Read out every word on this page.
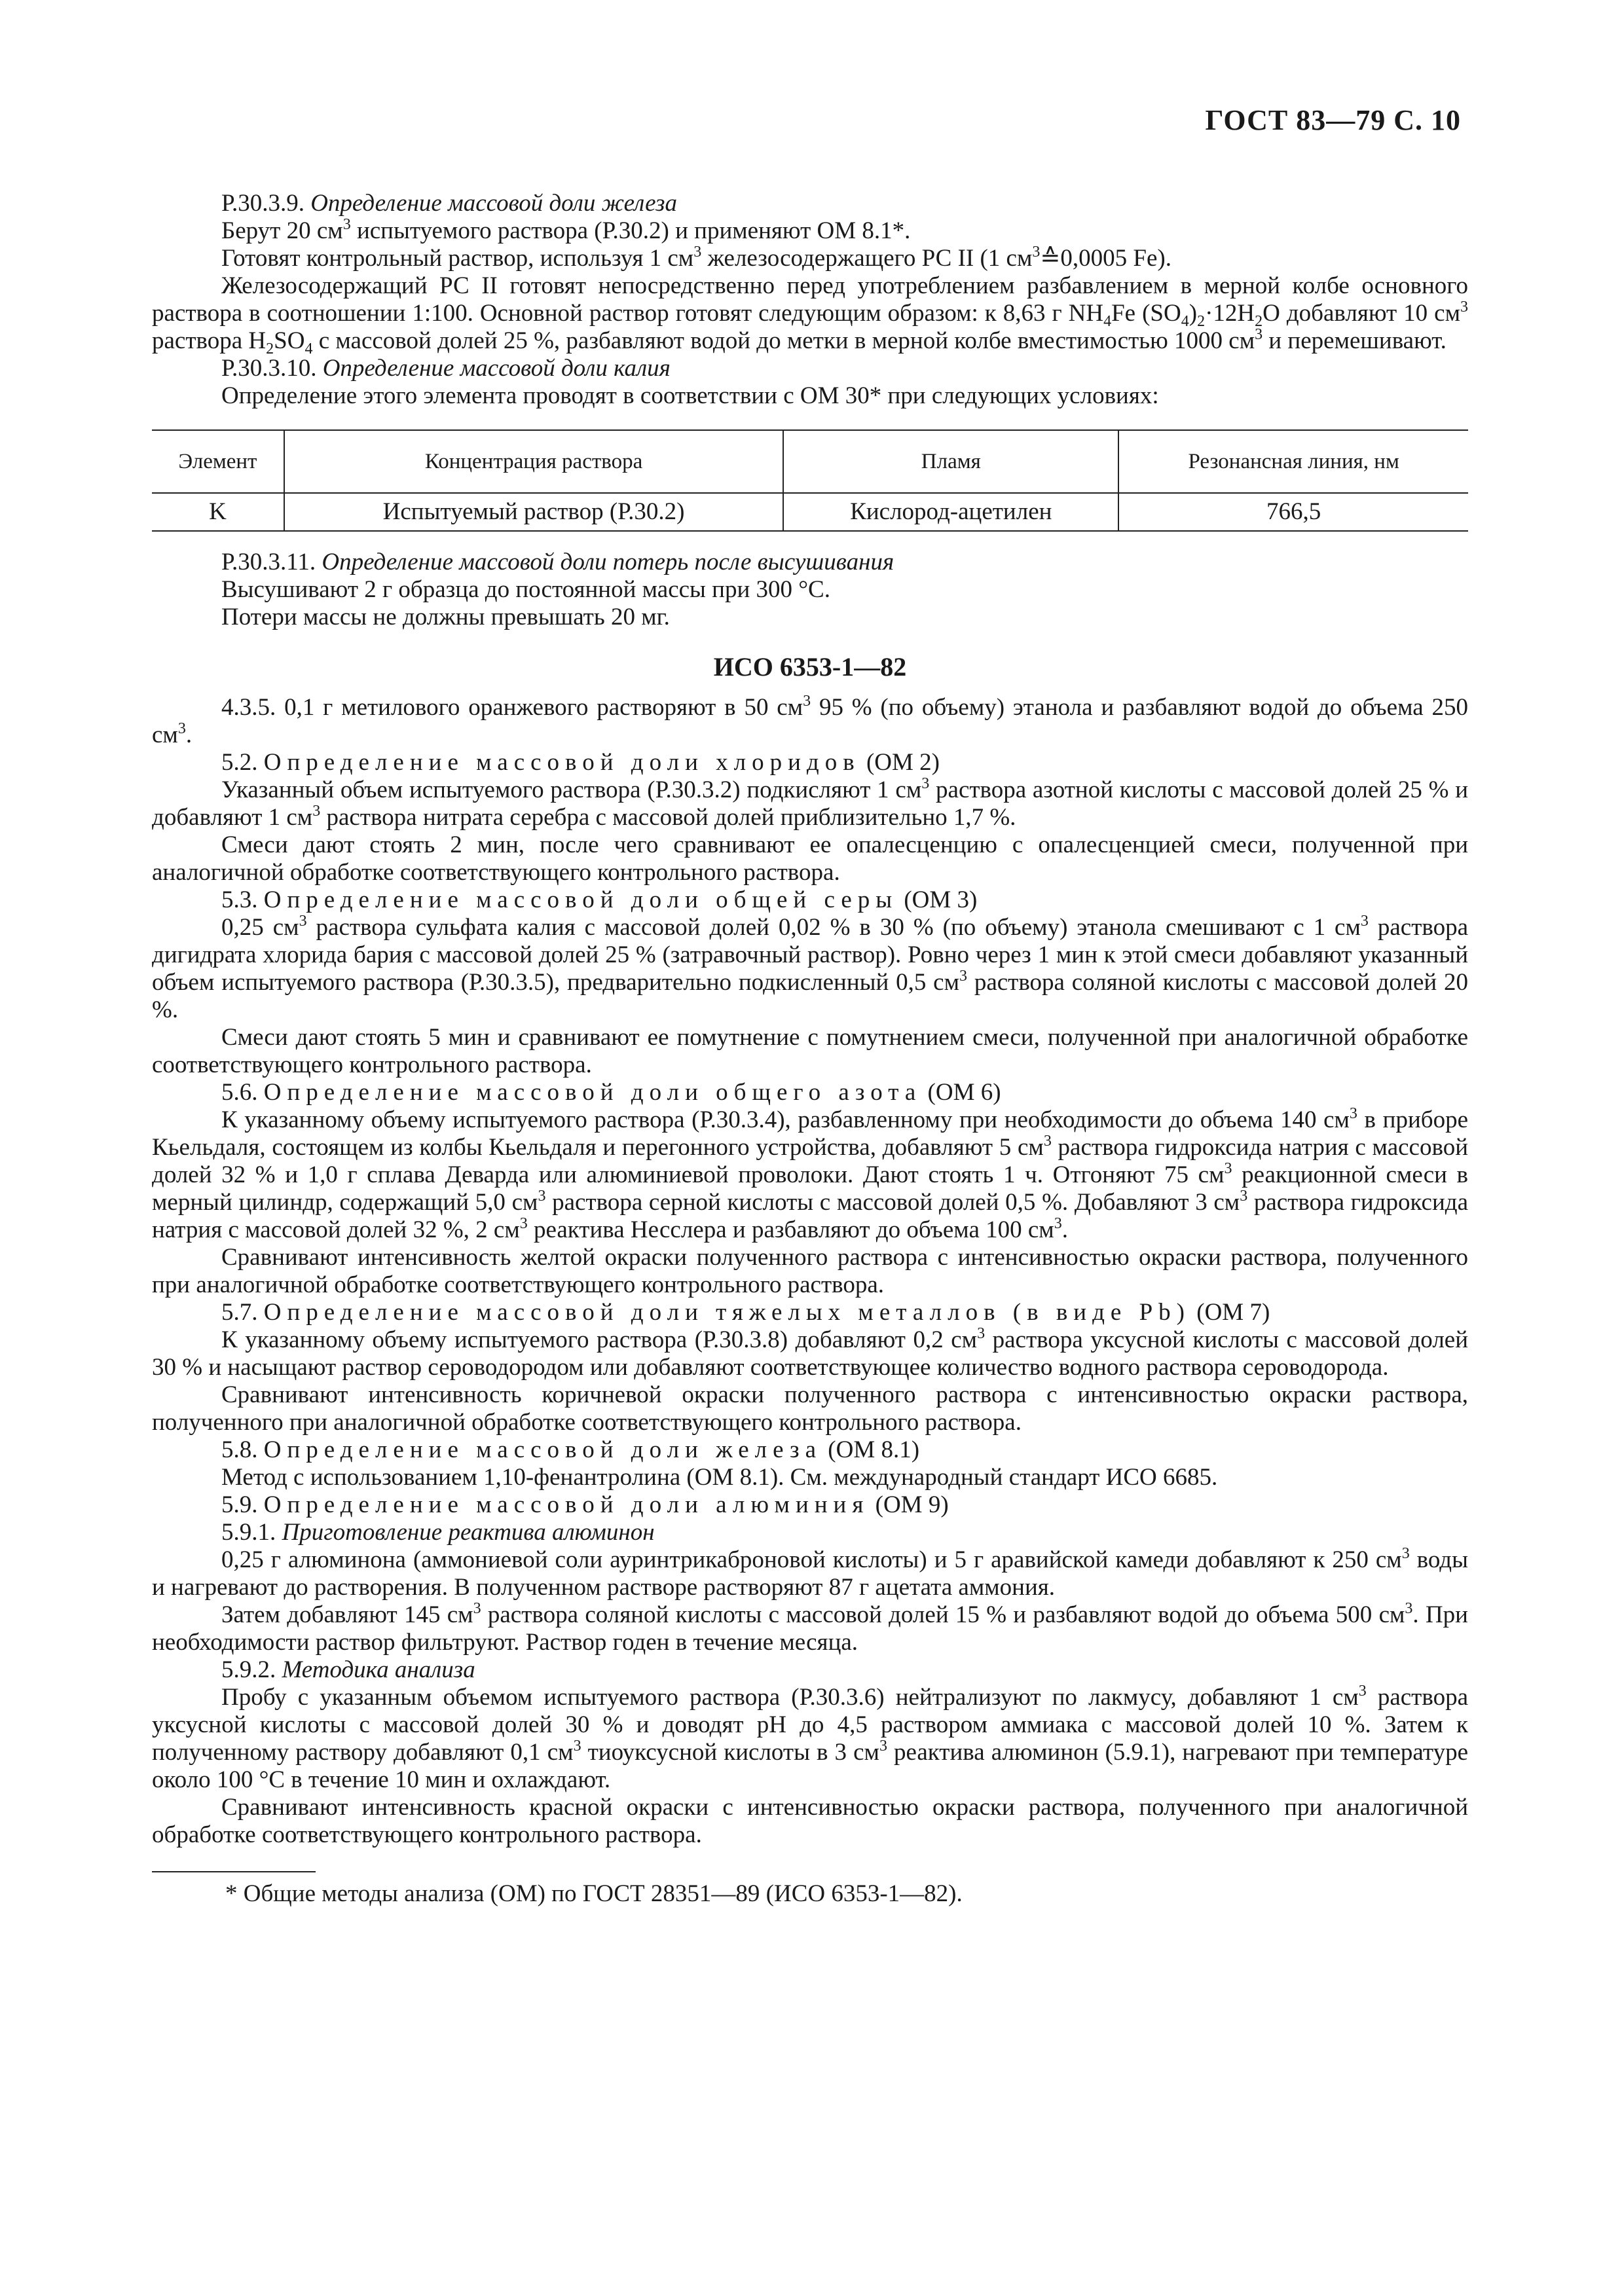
ГОСТ 83—79 С. 10

Р.30.3.9. Определение массовой доли железа

Берут 20 $см^3$ испытуемого раствора (Р.30.2) и применяют ОМ 8.1*.

Готовят контрольный раствор, используя 1 $см^3$ железосодержащего РС II (1 $см^3≙0,0005$ Fe).

Железосодержащий РС II готовят непосредственно перед употреблением разбавлением в мерной колбе основного раствора в соотношении 1:100. Основной раствор готовят следующим образом: к 8,63 г $NH_4Fe$ $(SO_4)_2\cdot 12H_2O$ добавляют 10 $см^3$ раствора $H_2SO_4$ с массовой долей 25 %, разбавляют водой до метки в мерной колбе вместимостью 1000 $см^3$ и перемешивают.

Р.30.3.10. Определение массовой доли калия

Определение этого элемента проводят в соответствии с ОМ 30* при следующих условиях:

Элемент	Концентрация раствора	Пламя	Резонансная линия, нм
K	Испытуемый раствор (Р.30.2)	Кислород-ацетилен	766,5

Р.30.3.11. Определение массовой доли потерь после высушивания

Высушивают 2 г образца до постоянной массы при 300 °С.

Потери массы не должны превышать 20 мг.

ИСО 6353-1—82

4.3.5. 0,1 г метилового оранжевого растворяют в 50 $см^3$ 95 % (по объему) этанола и разбавляют водой до объема 250 $см^3$.

5.2. Определение массовой доли хлоридов (ОМ 2)

Указанный объем испытуемого раствора (Р.30.3.2) подкисляют 1 $см^3$ раствора азотной кислоты с массовой долей 25 % и добавляют 1 $см^3$ раствора нитрата серебра с массовой долей приблизительно 1,7 %.

Смеси дают стоять 2 мин, после чего сравнивают ее опалесценцию с опалесценцией смеси, полученной при аналогичной обработке соответствующего контрольного раствора.

5.3. Определение массовой доли общей серы (ОМ 3)

0,25 $см^3$ раствора сульфата калия с массовой долей 0,02 % в 30 % (по объему) этанола смешивают с 1 $см^3$ раствора дигидрата хлорида бария с массовой долей 25 % (затравочный раствор). Ровно через 1 мин к этой смеси добавляют указанный объем испытуемого раствора (Р.30.3.5), предварительно подкисленный 0,5 $см^3$ раствора соляной кислоты с массовой долей 20 %.

Смеси дают стоять 5 мин и сравнивают ее помутнение с помутнением смеси, полученной при аналогичной обработке соответствующего контрольного раствора.

5.6. Определение массовой доли общего азота (ОМ 6)

К указанному объему испытуемого раствора (Р.30.3.4), разбавленному при необходимости до объема 140 $см^3$ в приборе Кьельдаля, состоящем из колбы Кьельдаля и перегонного устройства, добавляют 5 $см^3$ раствора гидроксида натрия с массовой долей 32 % и 1,0 г сплава Деварда или алюминиевой проволоки. Дают стоять 1 ч. Отгоняют 75 $см^3$ реакционной смеси в мерный цилиндр, содержащий 5,0 $см^3$ раствора серной кислоты с массовой долей 0,5 %. Добавляют 3 $см^3$ раствора гидроксида натрия с массовой долей 32 %, 2 $см^3$ реактива Несслера и разбавляют до объема 100 $см^3$.

Сравнивают интенсивность желтой окраски полученного раствора с интенсивностью окраски раствора, полученного при аналогичной обработке соответствующего контрольного раствора.

5.7. Определение массовой доли тяжелых металлов (в виде Pb) (ОМ 7)

К указанному объему испытуемого раствора (Р.30.3.8) добавляют 0,2 $см^3$ раствора уксусной кислоты с массовой долей 30 % и насыщают раствор сероводородом или добавляют соответствующее количество водного раствора сероводорода.

Сравнивают интенсивность коричневой окраски полученного раствора с интенсивностью окраски раствора, полученного при аналогичной обработке соответствующего контрольного раствора.

5.8. Определение массовой доли железа (ОМ 8.1)

Метод с использованием 1,10-фенантролина (ОМ 8.1). См. международный стандарт ИСО 6685.

5.9. Определение массовой доли алюминия (ОМ 9)

5.9.1. Приготовление реактива алюминон

0,25 г алюминона (аммониевой соли ауринтрикаброновой кислоты) и 5 г аравийской камеди добавляют к 250 $см^3$ воды и нагревают до растворения. В полученном растворе растворяют 87 г ацетата аммония.

Затем добавляют 145 $см^3$ раствора соляной кислоты с массовой долей 15 % и разбавляют водой до объема 500 $см^3$. При необходимости раствор фильтруют. Раствор годен в течение месяца.

5.9.2. Методика анализа

Пробу с указанным объемом испытуемого раствора (Р.30.3.6) нейтрализуют по лакмусу, добавляют 1 $см^3$ раствора уксусной кислоты с массовой долей 30 % и доводят pH до 4,5 раствором аммиака с массовой долей 10 %. Затем к полученному раствору добавляют 0,1 $см^3$ тиоуксусной кислоты в 3 $см^3$ реактива алюминон (5.9.1), нагревают при температуре около 100 °С в течение 10 мин и охлаждают.

Сравнивают интенсивность красной окраски с интенсивностью окраски раствора, полученного при аналогичной обработке соответствующего контрольного раствора.

* Общие методы анализа (ОМ) по ГОСТ 28351—89 (ИСО 6353-1—82).
